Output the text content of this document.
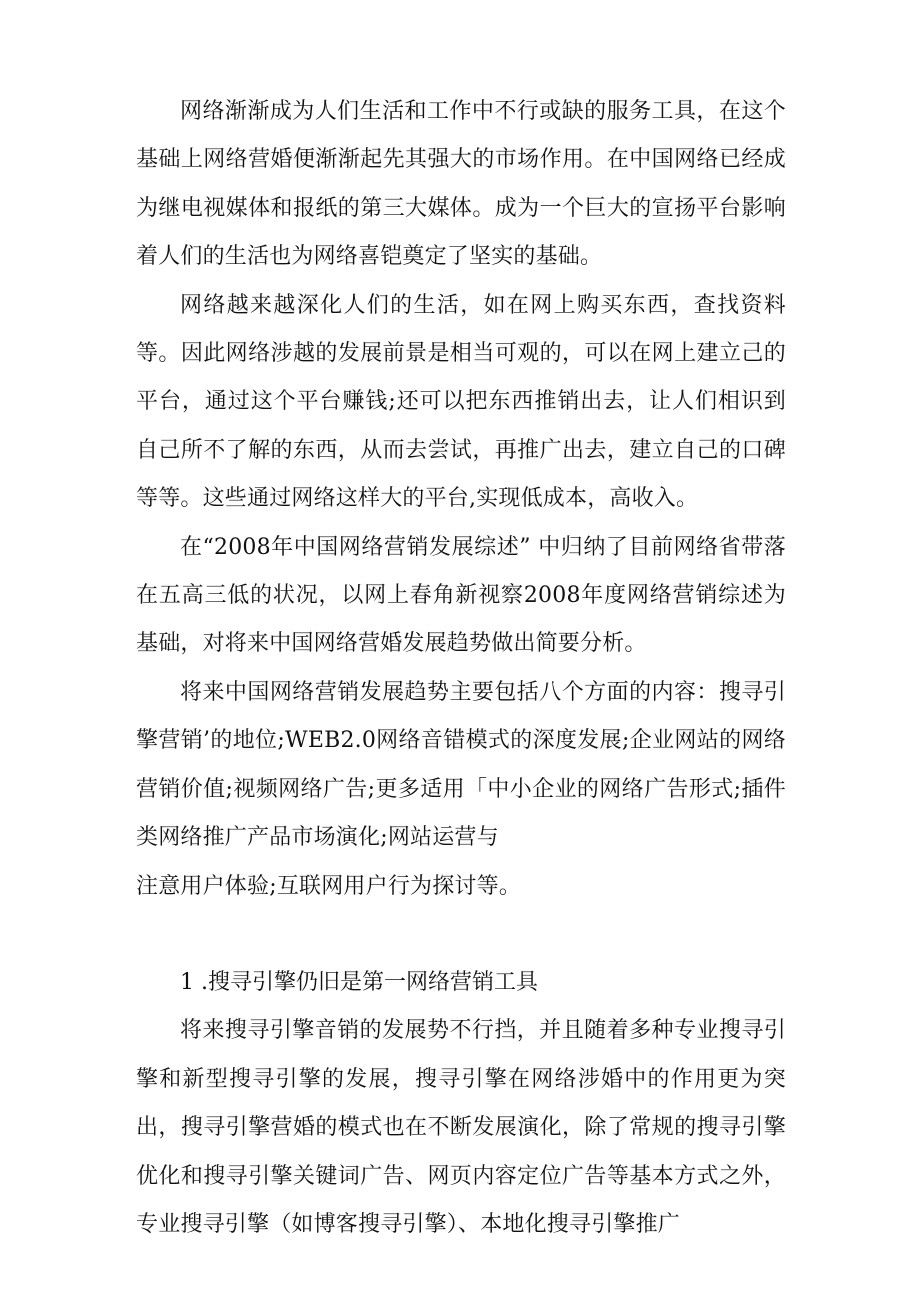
网络渐渐成为人们生活和工作中不行或缺的服务工具，在这个基础上网络营婚便渐渐起先其强大的市场作用。在中国网络已经成为继电视媒体和报纸的第三大媒体。成为一个巨大的宣扬平台影响着人们的生活也为网络喜铠奠定了坚实的基础。

网络越来越深化人们的生活，如在网上购买东西，查找资料等。因此网络涉越的发展前景是相当可观的，可以在网上建立己的平台，通过这个平台赚钱;还可以把东西推销出去，让人们相识到自己所不了解的东西，从而去尝试，再推广出去，建立自己的口碑等等。这些通过网络这样大的平台,实现低成本，高收入。

在“2008年中国网络营销发展综述” 中归纳了目前网络省带落在五高三低的状况，以网上春角新视察2008年度网络营销综述为基础，对将来中国网络营婚发展趋势做出简要分析。

将来中国网络营销发展趋势主要包括八个方面的内容：搜寻引擎营销’的地位;WEB2.0网络音错模式的深度发展;企业网站的网络营销价值;视频网络广告;更多适用「中小企业的网络广告形式;插件类网络推广产品市场演化;网站运营与
注意用户体验;互联网用户行为探讨等。

1 .搜寻引擎仍旧是第一网络营销工具

将来搜寻引擎音销的发展势不行挡，并且随着多种专业搜寻引擎和新型搜寻引擎的发展，搜寻引擎在网络涉婚中的作用更为突出，搜寻引擎营婚的模式也在不断发展演化，除了常规的搜寻引擎优化和搜寻引擎关键词广告、网页内容定位广告等基本方式之外，专业搜寻引擎（如博客搜寻引擎）、本地化搜寻引擎推广
